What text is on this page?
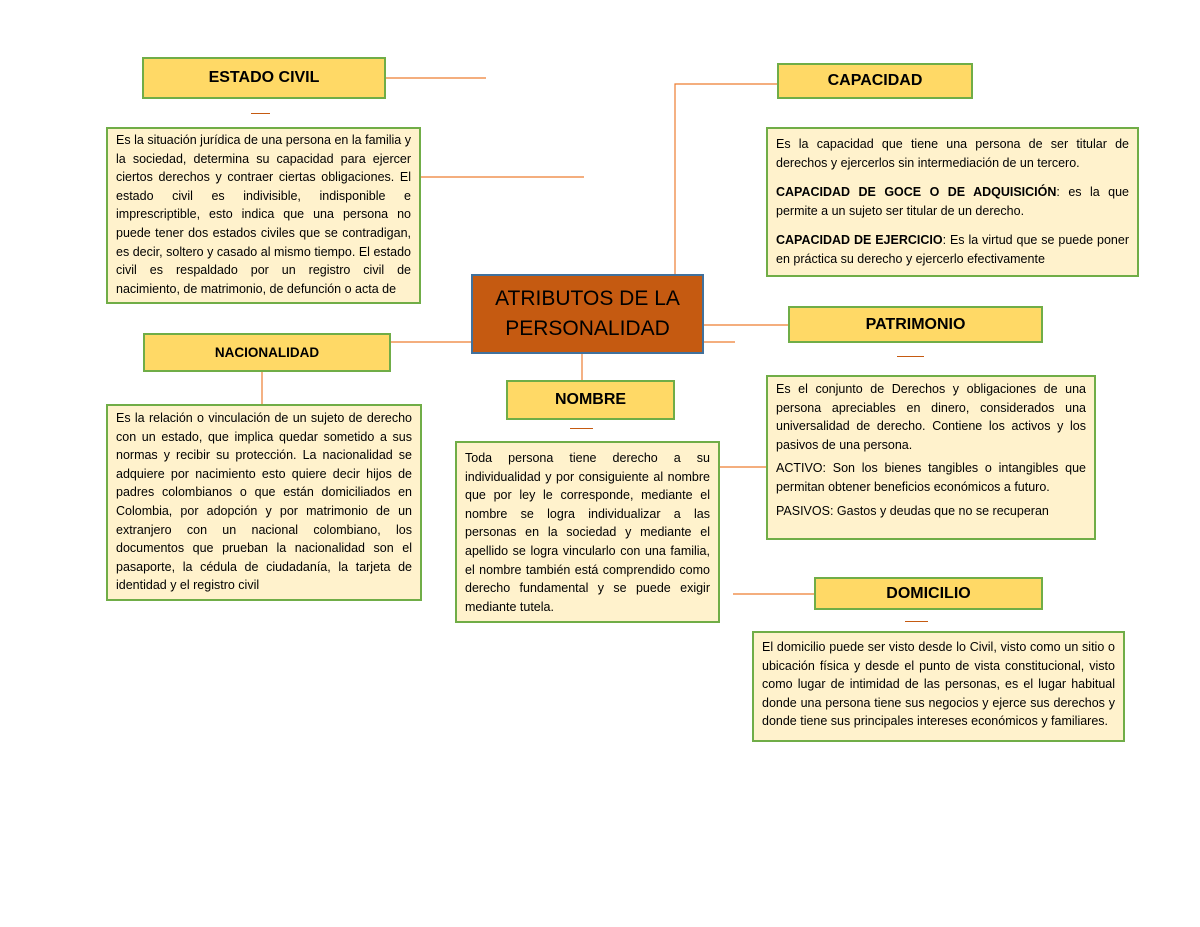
ATRIBUTOS DE LA
PERSONALIDAD
ESTADO CIVIL

Es la situación jurídica de una persona en la familia y la sociedad, determina su capacidad para ejercer ciertos derechos y contraer ciertas obligaciones. El estado civil es indivisible, indisponible e imprescriptible, esto indica que una persona no puede tener dos estados civiles que se contradigan, es decir, soltero y casado al mismo tiempo. El estado civil es respaldado por un registro civil de nacimiento, de matrimonio, de defunción o acta de

CAPACIDAD

Es la capacidad que tiene una persona de ser titular de derechos y ejercerlos sin intermediación de un tercero.

CAPACIDAD DE GOCE O DE ADQUISICIÓN: es la que permite a un sujeto ser titular de un derecho.

CAPACIDAD DE EJERCICIO: Es la virtud que se puede poner en práctica su derecho y ejercerlo efectivamente

NACIONALIDAD

Es la relación o vinculación de un sujeto de derecho con un estado, que implica quedar sometido a sus normas y recibir su protección. La nacionalidad se adquiere por nacimiento esto quiere decir hijos de padres colombianos o que están domiciliados en Colombia, por adopción y por matrimonio de un extranjero con un nacional colombiano, los documentos que prueban la nacionalidad son el pasaporte, la cédula de ciudadanía, la tarjeta de identidad y el registro civil

NOMBRE

Toda persona tiene derecho a su individualidad y por consiguiente al nombre que por ley le corresponde, mediante el nombre se logra individualizar a las personas en la sociedad y mediante el apellido se logra vincularlo con una familia, el nombre también está comprendido como derecho fundamental y se puede exigir mediante tutela.

PATRIMONIO

Es el conjunto de Derechos y obligaciones de una persona apreciables en dinero, considerados una universalidad de derecho. Contiene los activos y los pasivos de una persona.

ACTIVO: Son los bienes tangibles o intangibles que permitan obtener beneficios económicos a futuro.

PASIVOS: Gastos y deudas que no se recuperan

DOMICILIO

El domicilio puede ser visto desde lo Civil, visto como un sitio o ubicación física y desde el punto de vista constitucional, visto como lugar de intimidad de las personas, es el lugar habitual donde una persona tiene sus negocios y ejerce sus derechos y donde tiene sus principales intereses económicos y familiares.
